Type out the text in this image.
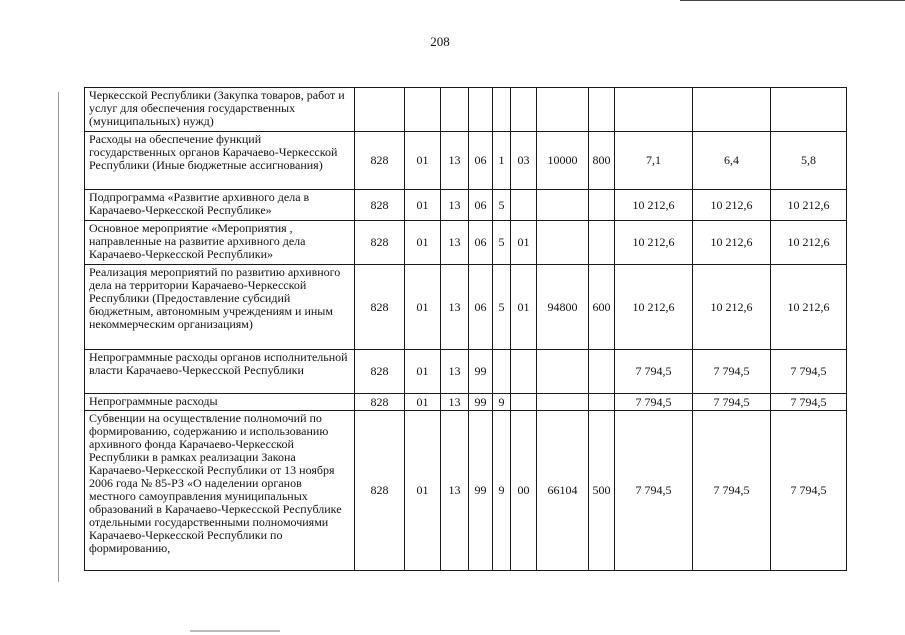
208
Черкесской Республики (Закупка товаров, работ и услуг для обеспечения государственных (муниципальных) нужд)											
Расходы на обеспечение функций государственных органов Карачаево-Черкесской Республики (Иные бюджетные ассигнования)	828	01	13	06	1	03	10000	800	7,1	6,4	5,8
Подпрограмма «Развитие архивного дела в Карачаево-Черкесской Республике»	828	01	13	06	5				10 212,6	10 212,6	10 212,6
Основное мероприятие «Мероприятия , направленные на развитие архивного дела Карачаево-Черкесской Республики»	828	01	13	06	5	01			10 212,6	10 212,6	10 212,6
Реализация мероприятий по развитию архивного дела на территории Карачаево-Черкесской Республики (Предоставление субсидий бюджетным, автономным учреждениям и иным некоммерческим организациям)	828	01	13	06	5	01	94800	600	10 212,6	10 212,6	10 212,6
Непрограммные расходы органов исполнительной власти Карачаево-Черкесской Республики	828	01	13	99					7 794,5	7 794,5	7 794,5
Непрограммные расходы	828	01	13	99	9				7 794,5	7 794,5	7 794,5
Субвенции на осуществление полномочий по формированию, содержанию и использованию архивного фонда Карачаево-Черкесской Республики в рамках реализации Закона Карачаево-Черкесской Республики от 13 ноября 2006 года № 85-РЗ «О наделении органов местного самоуправления муниципальных образований в Карачаево-Черкесской Республике отдельными государственными полномочиями Карачаево-Черкесской Республики по формированию,	828	01	13	99	9	00	66104	500	7 794,5	7 794,5	7 794,5
